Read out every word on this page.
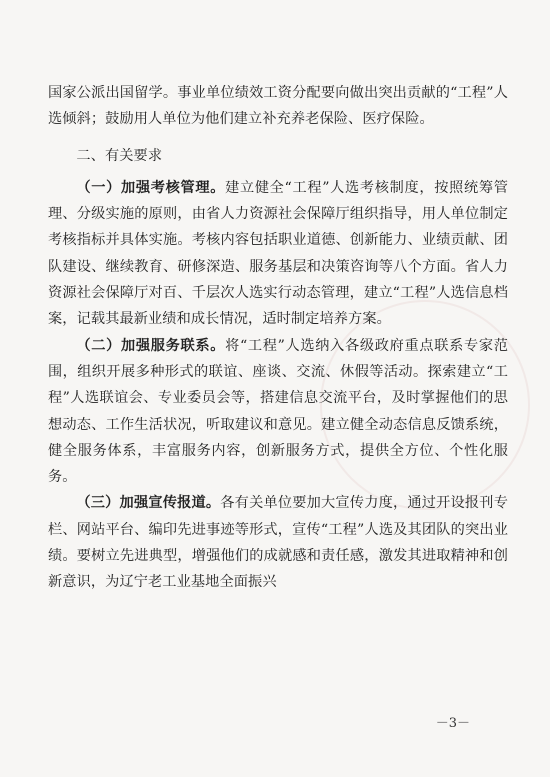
国家公派出国留学。事业单位绩效工资分配要向做出突出贡献的“工程”人选倾斜；鼓励用人单位为他们建立补充养老保险、医疗保险。

二、有关要求

（一）加强考核管理。建立健全“工程”人选考核制度，按照统筹管理、分级实施的原则，由省人力资源社会保障厅组织指导，用人单位制定考核指标并具体实施。考核内容包括职业道德、创新能力、业绩贡献、团队建设、继续教育、研修深造、服务基层和决策咨询等八个方面。省人力资源社会保障厅对百、千层次人选实行动态管理，建立“工程”人选信息档案，记载其最新业绩和成长情况，适时制定培养方案。

（二）加强服务联系。将“工程”人选纳入各级政府重点联系专家范围，组织开展多种形式的联谊、座谈、交流、休假等活动。探索建立“工程”人选联谊会、专业委员会等，搭建信息交流平台，及时掌握他们的思想动态、工作生活状况，听取建议和意见。建立健全动态信息反馈系统，健全服务体系，丰富服务内容，创新服务方式，提供全方位、个性化服务。

（三）加强宣传报道。各有关单位要加大宣传力度，通过开设报刊专栏、网站平台、编印先进事迹等形式，宣传“工程”人选及其团队的突出业绩。要树立先进典型，增强他们的成就感和责任感，激发其进取精神和创新意识，为辽宁老工业基地全面振兴

－3－
